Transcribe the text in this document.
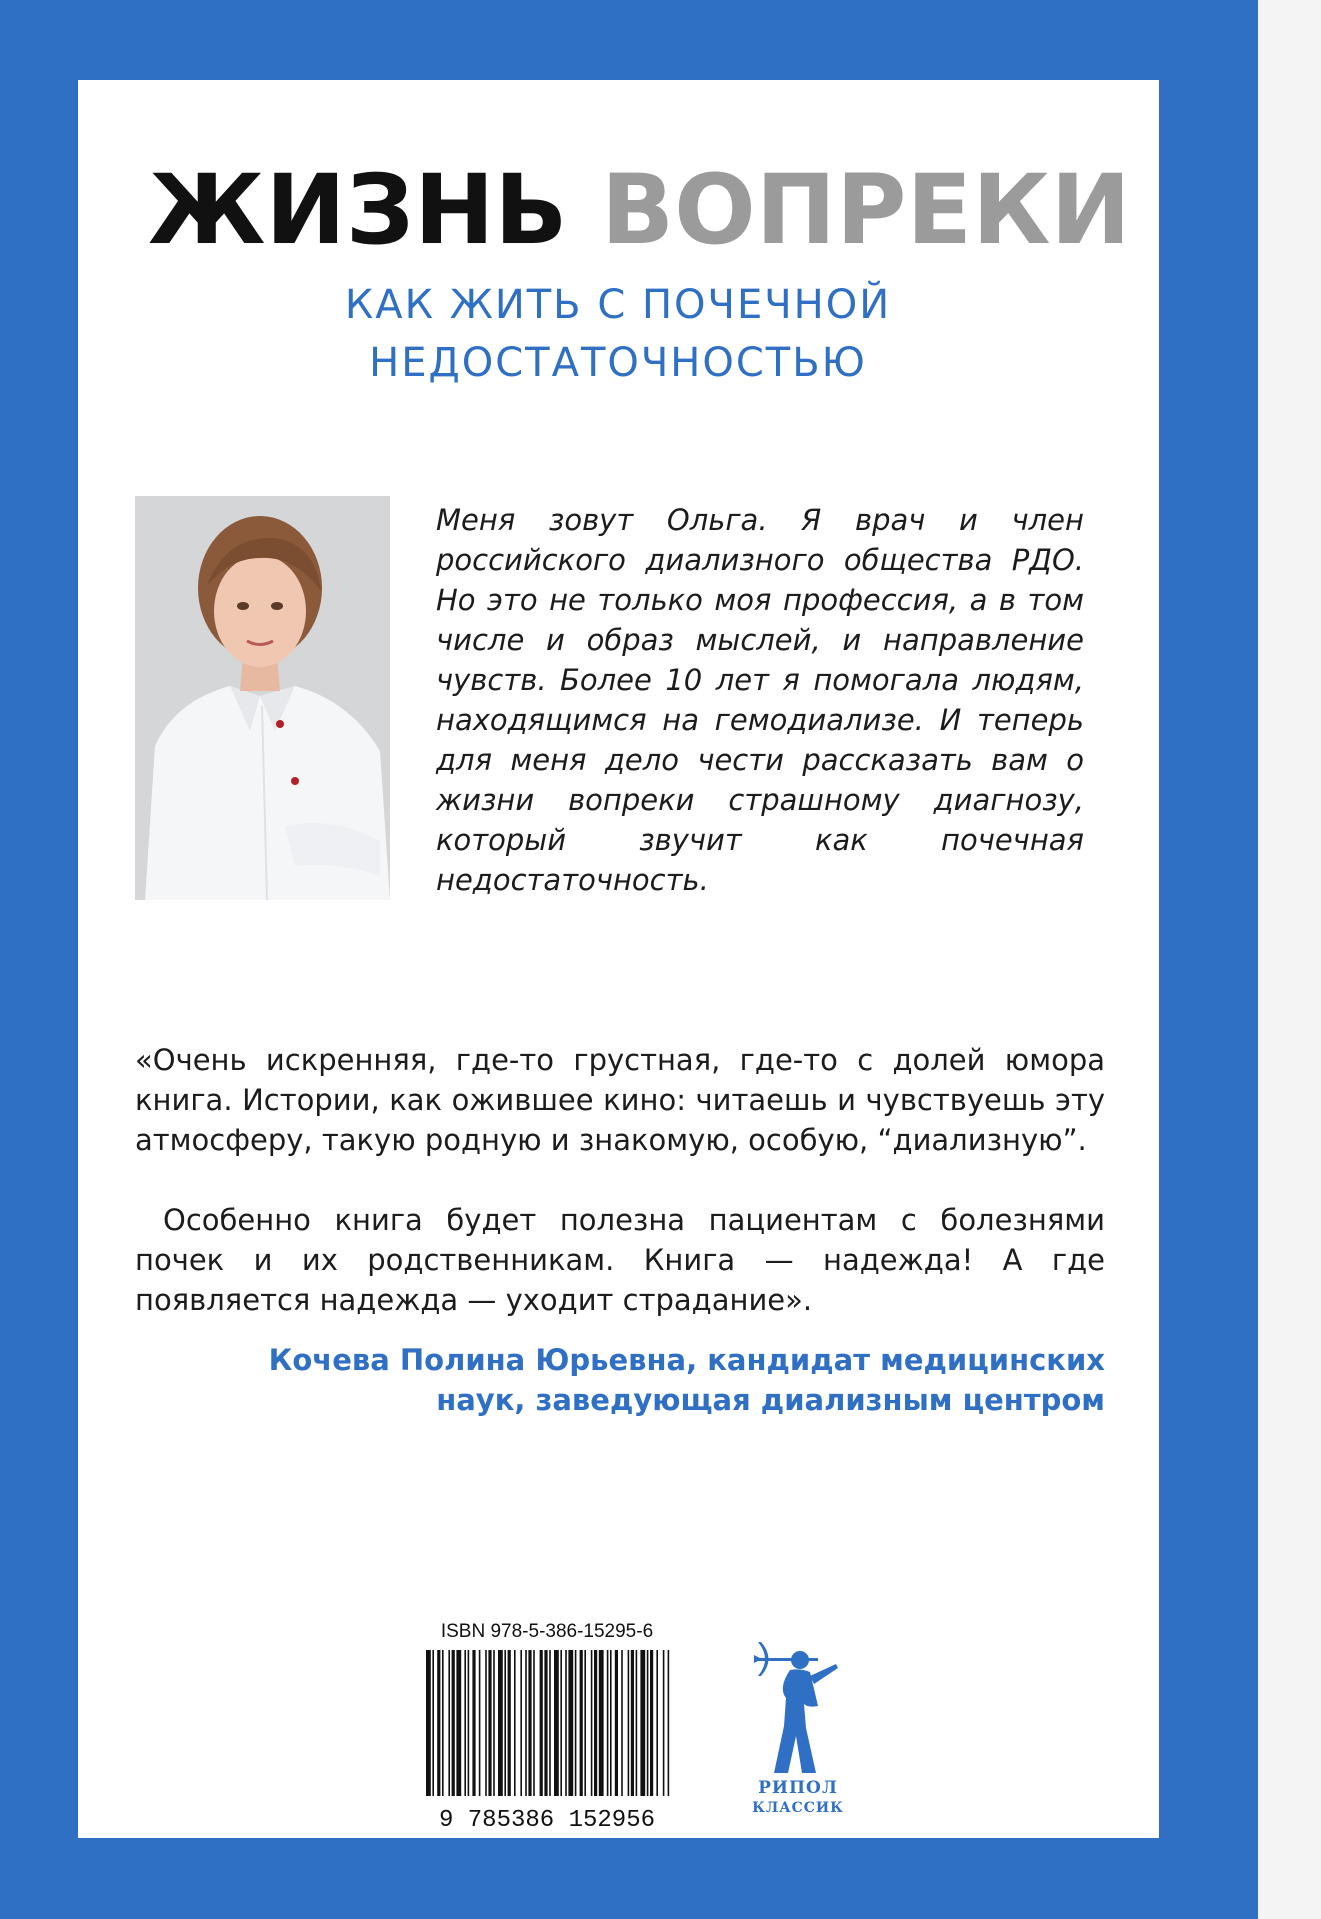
ЖИЗНЬ ВОПРЕКИ
КАК ЖИТЬ С ПОЧЕЧНОЙ
НЕДОСТАТОЧНОСТЬЮ

Меня зовут Ольга. Я врач и член российского диализного общества РДО. Но это не только моя профессия, а в том числе и образ мыслей, и направление чувств. Более 10 лет я помогала людям, находящимся на гемодиализе. И теперь для меня дело чести рассказать вам о жизни вопреки страшному диагнозу, который звучит как почечная недостаточность.

«Очень искренняя, где-то грустная, где-то с долей юмора книга. Истории, как ожившее кино: читаешь и чувствуешь эту атмосферу, такую родную и знакомую, особую, “диализную”.

Особенно книга будет полезна пациентам с болезнями почек и их родственникам. Книга — надежда! А где появляется надежда — уходит страдание».

Кочева Полина Юрьевна, кандидат медицинских
наук, заведующая диализным центром

ISBN 978-5-386-15295-6
9 785386 152956
РИПОЛ
КЛАССИК
